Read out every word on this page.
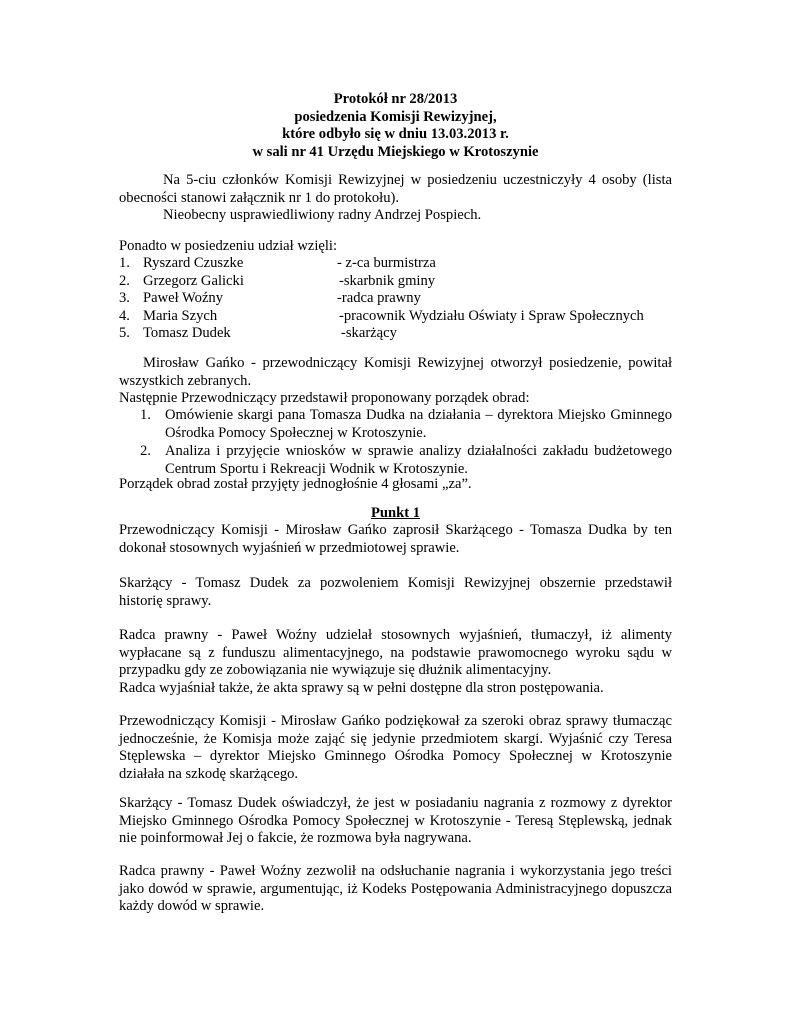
Protokół nr 28/2013
posiedzenia Komisji Rewizyjnej,
które odbyło się w dniu 13.03.2013 r.
w sali nr 41 Urzędu Miejskiego w Krotoszynie
Na 5-ciu członków Komisji Rewizyjnej w posiedzeniu uczestniczyły 4 osoby (lista
obecności stanowi załącznik nr 1 do protokołu).
Nieobecny usprawiedliwiony radny Andrzej Pospiech.
Ponadto w posiedzeniu udział wzięli:
1. Ryszard Czuszke	- z-ca burmistrza
2. Grzegorz Galicki	-skarbnik gminy
3. Paweł Woźny	-radca prawny
4. Maria Szych	-pracownik Wydziału Oświaty i Spraw Społecznych
5. Tomasz Dudek	-skarżący
Mirosław Gańko - przewodniczący Komisji Rewizyjnej otworzył posiedzenie, powitał
wszystkich zebranych.
Następnie Przewodniczący przedstawił proponowany porządek obrad:
1. Omówienie skargi pana Tomasza Dudka na działania – dyrektora Miejsko Gminnego
Ośrodka Pomocy Społecznej w Krotoszynie.
2. Analiza i przyjęcie wniosków w sprawie analizy działalności zakładu budżetowego
Centrum Sportu i Rekreacji Wodnik w Krotoszynie.
Porządek obrad został przyjęty jednogłośnie 4 głosami „za”.
Punkt 1
Przewodniczący Komisji - Mirosław Gańko zaprosił Skarżącego - Tomasza Dudka by ten
dokonał stosownych wyjaśnień w przedmiotowej sprawie.
Skarżący - Tomasz Dudek za pozwoleniem Komisji Rewizyjnej obszernie przedstawił
historię sprawy.
Radca prawny - Paweł Woźny udzielał stosownych wyjaśnień, tłumaczył, iż alimenty
wypłacane są z funduszu alimentacyjnego, na podstawie prawomocnego wyroku sądu w
przypadku gdy ze zobowiązania nie wywiązuje się dłużnik alimentacyjny.
Radca wyjaśniał także, że akta sprawy są w pełni dostępne dla stron postępowania.
Przewodniczący Komisji - Mirosław Gańko podziękował za szeroki obraz sprawy tłumacząc
jednocześnie, że Komisja może zająć się jedynie przedmiotem skargi. Wyjaśnić czy Teresa
Stęplewska – dyrektor Miejsko Gminnego Ośrodka Pomocy Społecznej w Krotoszynie
działała na szkodę skarżącego.
Skarżący - Tomasz Dudek oświadczył, że jest w posiadaniu nagrania z rozmowy z dyrektor
Miejsko Gminnego Ośrodka Pomocy Społecznej w Krotoszynie - Teresą Stęplewską, jednak
nie poinformował Jej o fakcie, że rozmowa była nagrywana.
Radca prawny - Paweł Woźny zezwolił na odsłuchanie nagrania i wykorzystania jego treści
jako dowód w sprawie, argumentując, iż Kodeks Postępowania Administracyjnego dopuszcza
każdy dowód w sprawie.
